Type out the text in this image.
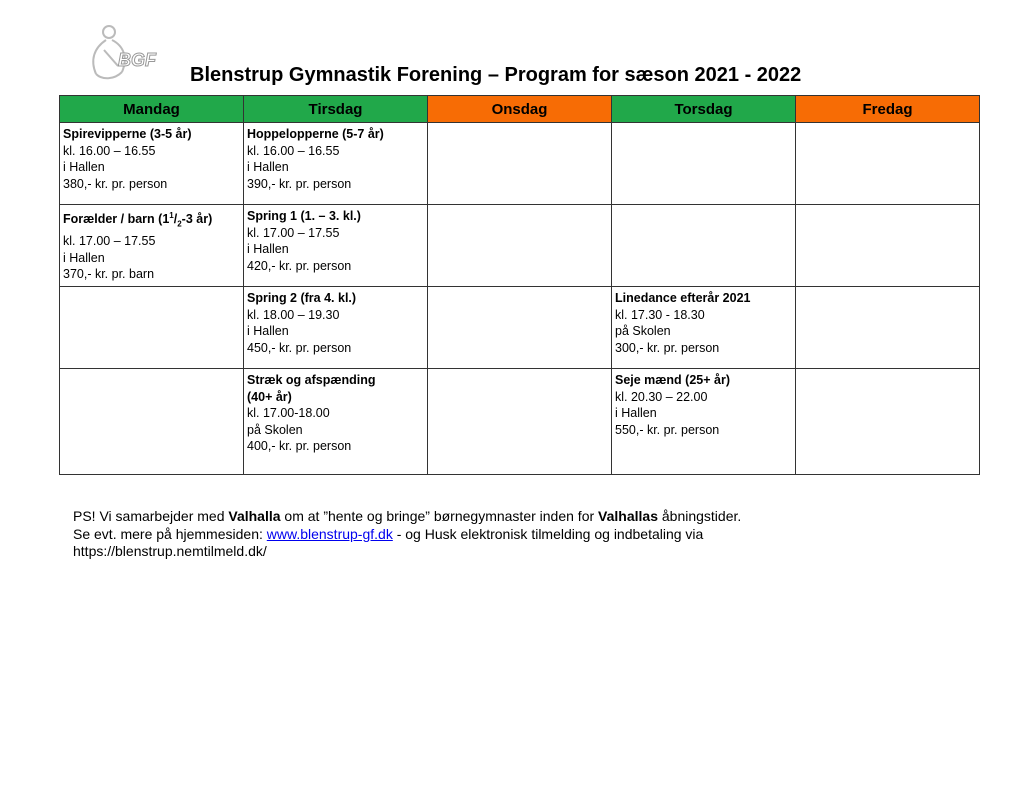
BGF
Blenstrup Gymnastik Forening – Program for sæson 2021 - 2022
Mandag	Tirsdag	Onsdag	Torsdag	Fredag

Spirevipperne (3-5 år)
kl. 16.00 – 16.55
i Hallen
380,- kr. pr. person	Hoppelopperne (5-7 år)
kl. 16.00 – 16.55
i Hallen
390,- kr. pr. person			

Forælder / barn ($1^1/_2-3$ år)
kl. 17.00 – 17.55
i Hallen
370,- kr. pr. barn	Spring 1 (1. – 3. kl.)
kl. 17.00 – 17.55
i Hallen
420,- kr. pr. person			

	Spring 2 (fra 4. kl.)
kl. 18.00 – 19.30
i Hallen
450,- kr. pr. person		Linedance efterår 2021
kl. 17.30 - 18.30
på Skolen
300,- kr. pr. person	

	Stræk og afspænding
(40+ år)
kl. 17.00-18.00
på Skolen
400,- kr. pr. person		Seje mænd (25+ år)
kl. 20.30 – 22.00
i Hallen
550,- kr. pr. person	

PS! Vi samarbejder med Valhalla om at ”hente og bringe” børnegymnaster inden for Valhallas åbningstider.
Se evt. mere på hjemmesiden: www.blenstrup-gf.dk - og Husk elektronisk tilmelding og indbetaling via
https://blenstrup.nemtilmeld.dk/
